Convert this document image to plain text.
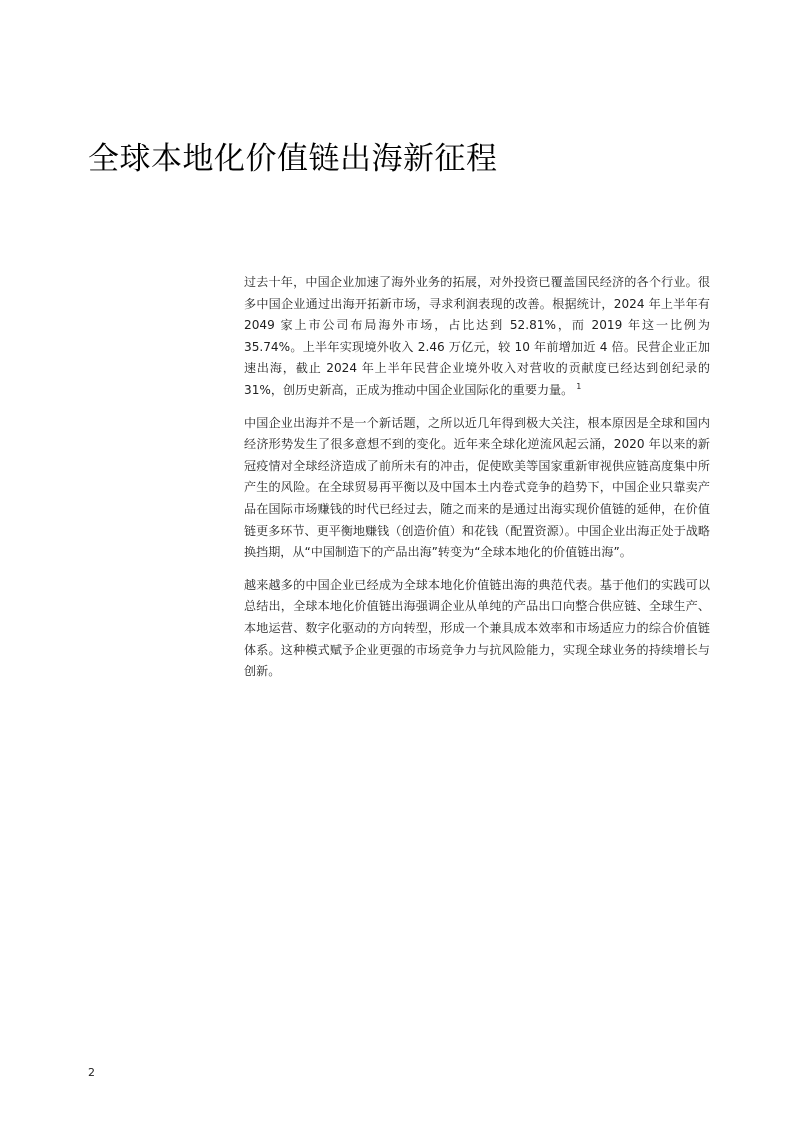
全球本地化价值链出海新征程

过去十年，中国企业加速了海外业务的拓展，对外投资已覆盖国民经济的各个行业。很多中国企业通过出海开拓新市场，寻求利润表现的改善。根据统计，2024 年上半年有2049 家上市公司布局海外市场，占比达到 52.81%，而 2019 年这一比例为 35.74%。上半年实现境外收入 2.46 万亿元，较 10 年前增加近 4 倍。民营企业正加速出海，截止 2024 年上半年民营企业境外收入对营收的贡献度已经达到创纪录的 31%，创历史新高，正成为推动中国企业国际化的重要力量。 $^1$

中国企业出海并不是一个新话题，之所以近几年得到极大关注，根本原因是全球和国内经济形势发生了很多意想不到的变化。近年来全球化逆流风起云涌，2020 年以来的新冠疫情对全球经济造成了前所未有的冲击，促使欧美等国家重新审视供应链高度集中所产生的风险。在全球贸易再平衡以及中国本土内卷式竞争的趋势下，中国企业只靠卖产品在国际市场赚钱的时代已经过去，随之而来的是通过出海实现价值链的延伸，在价值链更多环节、更平衡地赚钱（创造价值）和花钱（配置资源）。中国企业出海正处于战略换挡期，从“中国制造下的产品出海”转变为“全球本地化的价值链出海”。

越来越多的中国企业已经成为全球本地化价值链出海的典范代表。基于他们的实践可以总结出，全球本地化价值链出海强调企业从单纯的产品出口向整合供应链、全球生产、本地运营、数字化驱动的方向转型，形成一个兼具成本效率和市场适应力的综合价值链体系。这种模式赋予企业更强的市场竞争力与抗风险能力，实现全球业务的持续增长与创新。

2
